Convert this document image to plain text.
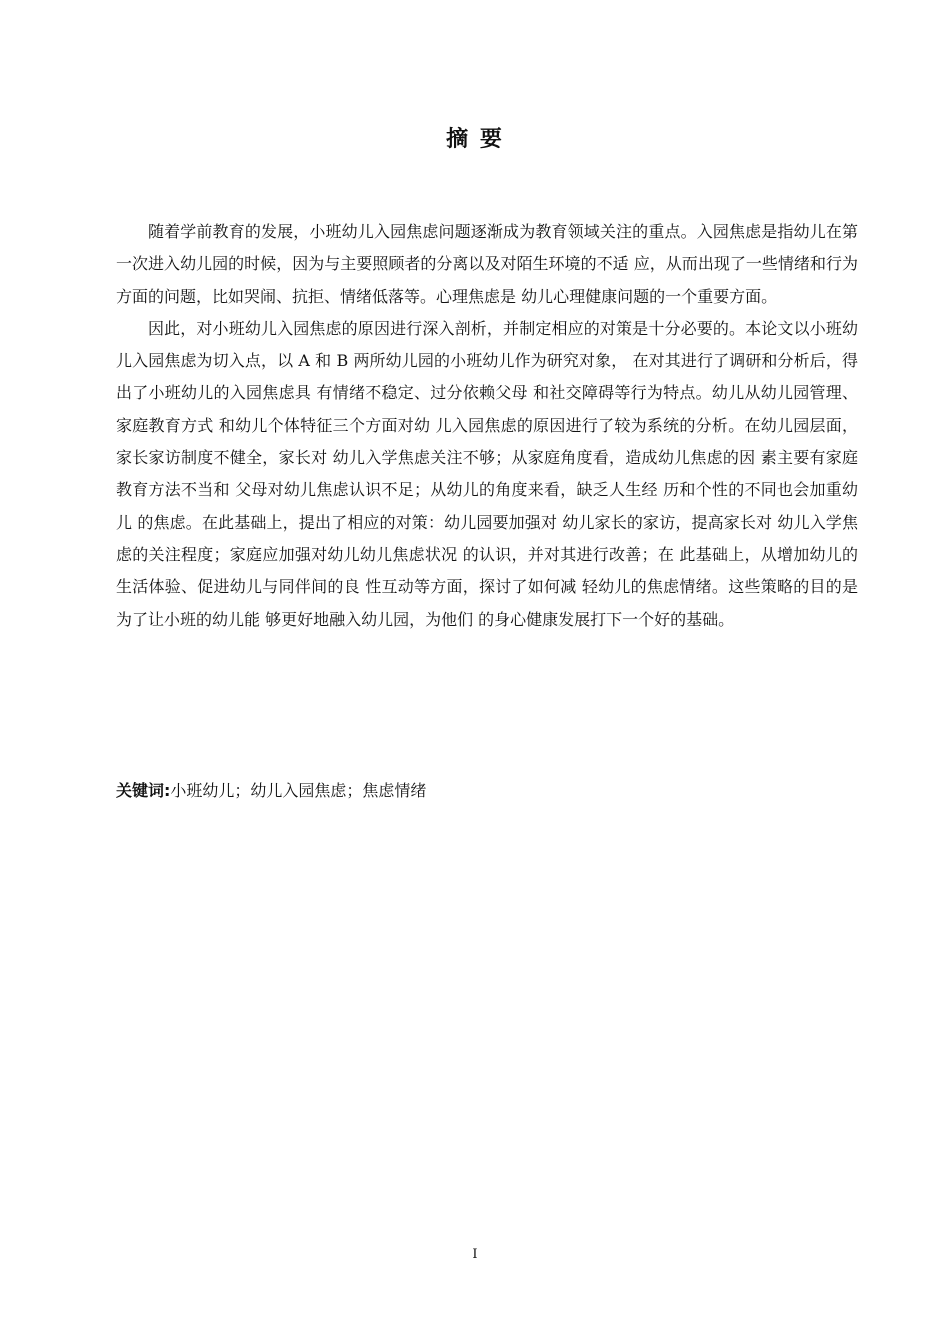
摘 要

随着学前教育的发展，小班幼儿入园焦虑问题逐渐成为教育领域关注的重点。入园焦虑是指幼儿在第一次进入幼儿园的时候，因为与主要照顾者的分离以及对陌生环境的不适 应，从而出现了一些情绪和行为方面的问题，比如哭闹、抗拒、情绪低落等。心理焦虑是 幼儿心理健康问题的一个重要方面。

因此，对小班幼儿入园焦虑的原因进行深入剖析，并制定相应的对策是十分必要的。本论文以小班幼儿入园焦虑为切入点，以 A 和 B 两所幼儿园的小班幼儿作为研究对象， 在对其进行了调研和分析后，得出了小班幼儿的入园焦虑具 有情绪不稳定、过分依赖父母 和社交障碍等行为特点。幼儿从幼儿园管理、家庭教育方式 和幼儿个体特征三个方面对幼 儿入园焦虑的原因进行了较为系统的分析。在幼儿园层面，家长家访制度不健全，家长对 幼儿入学焦虑关注不够；从家庭角度看，造成幼儿焦虑的因 素主要有家庭教育方法不当和 父母对幼儿焦虑认识不足；从幼儿的角度来看，缺乏人生经 历和个性的不同也会加重幼儿 的焦虑。在此基础上，提出了相应的对策：幼儿园要加强对 幼儿家长的家访，提高家长对 幼儿入学焦虑的关注程度；家庭应加强对幼儿幼儿焦虑状况 的认识，并对其进行改善；在 此基础上，从增加幼儿的生活体验、促进幼儿与同伴间的良 性互动等方面，探讨了如何减 轻幼儿的焦虑情绪。这些策略的目的是为了让小班的幼儿能 够更好地融入幼儿园，为他们 的身心健康发展打下一个好的基础。

关键词:小班幼儿；幼儿入园焦虑；焦虑情绪

I
